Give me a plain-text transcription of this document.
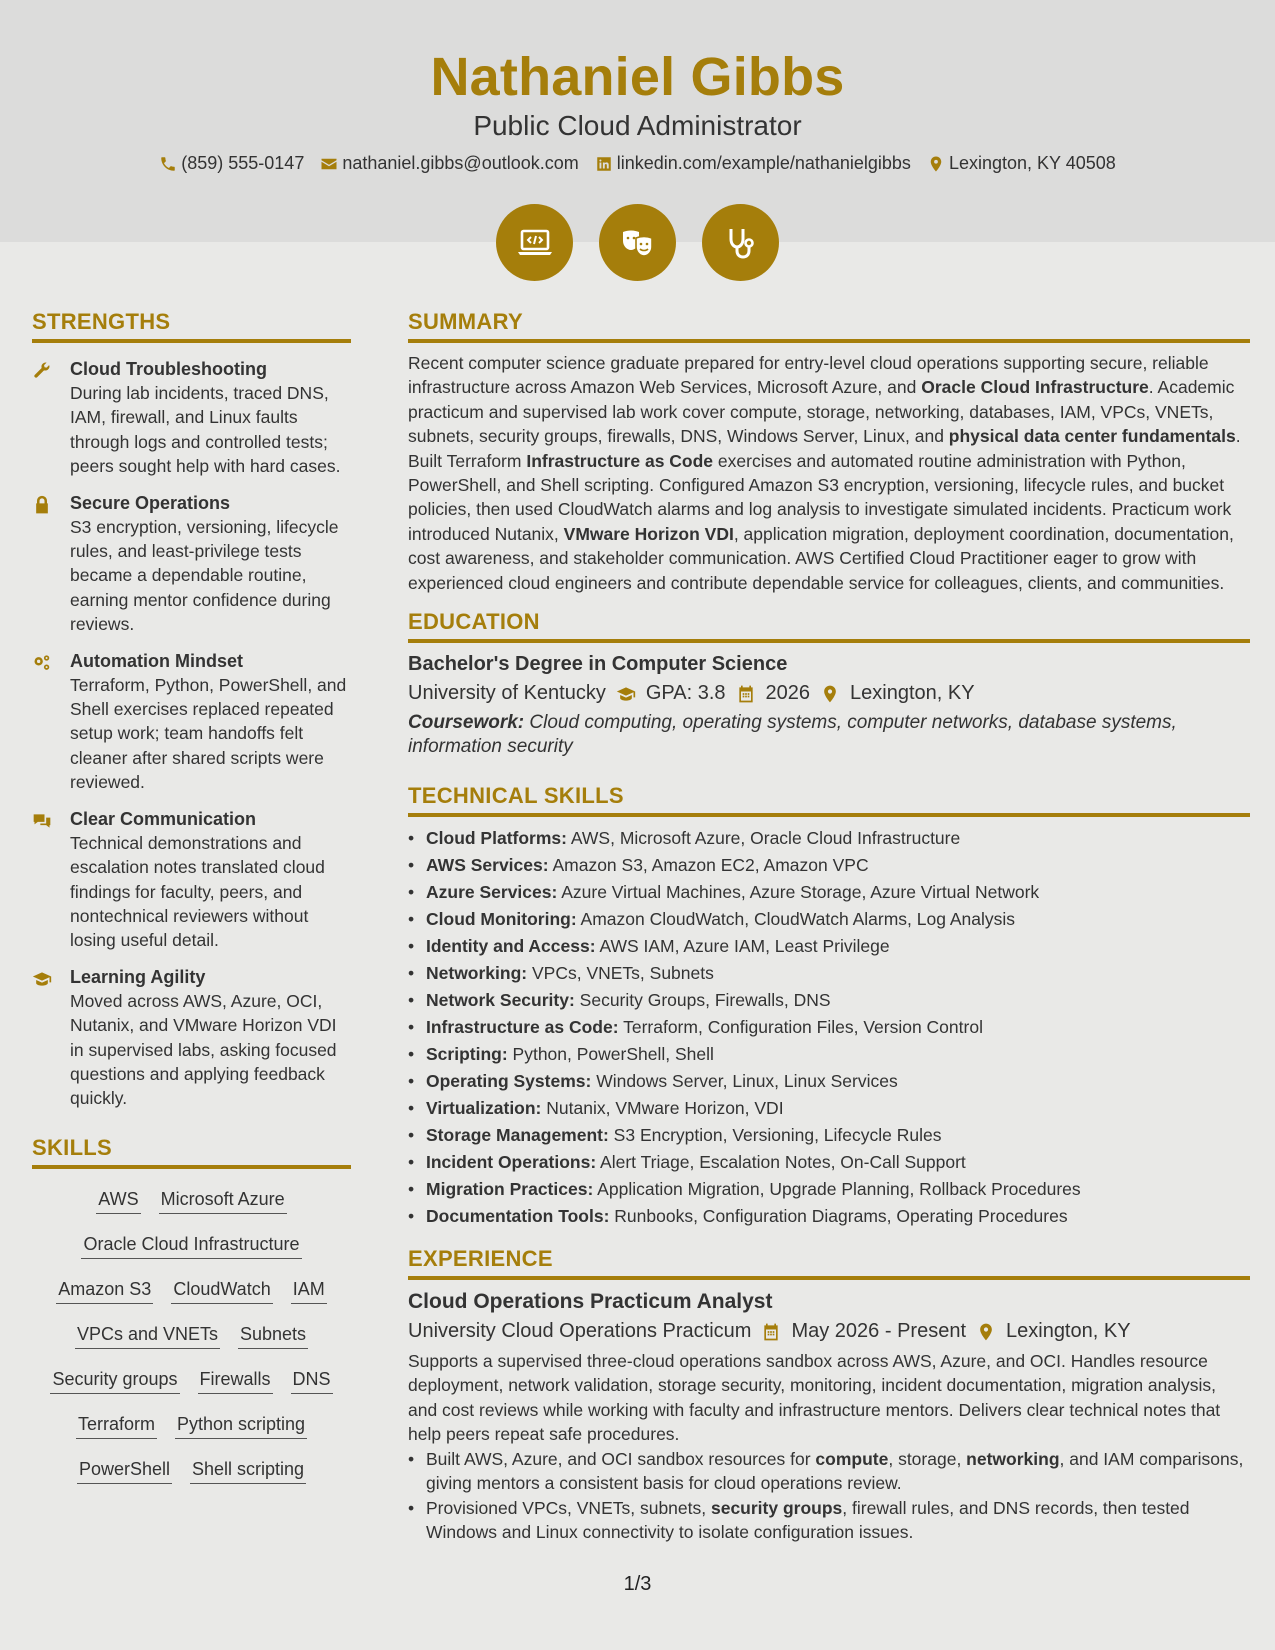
Nathaniel Gibbs
Public Cloud Administrator
(859) 555-0147 nathaniel.gibbs@outlook.com linkedin.com/example/nathanielgibbs Lexington, KY 40508
STRENGTHS
Cloud Troubleshooting
During lab incidents, traced DNS, IAM, firewall, and Linux faults through logs and controlled tests; peers sought help with hard cases.
Secure Operations
S3 encryption, versioning, lifecycle rules, and least-privilege tests became a dependable routine, earning mentor confidence during reviews.
Automation Mindset
Terraform, Python, PowerShell, and Shell exercises replaced repeated setup work; team handoffs felt cleaner after shared scripts were reviewed.
Clear Communication
Technical demonstrations and escalation notes translated cloud findings for faculty, peers, and nontechnical reviewers without losing useful detail.
Learning Agility
Moved across AWS, Azure, OCI, Nutanix, and VMware Horizon VDI in supervised labs, asking focused questions and applying feedback quickly.
SKILLS
AWS Microsoft Azure
Oracle Cloud Infrastructure
Amazon S3 CloudWatch IAM
VPCs and VNETs Subnets
Security groups Firewalls DNS
Terraform Python scripting
PowerShell Shell scripting
SUMMARY

Recent computer science graduate prepared for entry-level cloud operations supporting secure, reliable infrastructure across Amazon Web Services, Microsoft Azure, and Oracle Cloud Infrastructure. Academic practicum and supervised lab work cover compute, storage, networking, databases, IAM, VPCs, VNETs, subnets, security groups, firewalls, DNS, Windows Server, Linux, and physical data center fundamentals. Built Terraform Infrastructure as Code exercises and automated routine administration with Python, PowerShell, and Shell scripting. Configured Amazon S3 encryption, versioning, lifecycle rules, and bucket policies, then used CloudWatch alarms and log analysis to investigate simulated incidents. Practicum work introduced Nutanix, VMware Horizon VDI, application migration, deployment coordination, documentation, cost awareness, and stakeholder communication. AWS Certified Cloud Practitioner eager to grow with experienced cloud engineers and contribute dependable service for colleagues, clients, and communities.

EDUCATION
Bachelor's Degree in Computer Science
University of Kentucky GPA: 3.8 2026 Lexington, KY
Coursework: Cloud computing, operating systems, computer networks, database systems, information security
TECHNICAL SKILLS
• Cloud Platforms: AWS, Microsoft Azure, Oracle Cloud Infrastructure
• AWS Services: Amazon S3, Amazon EC2, Amazon VPC
• Azure Services: Azure Virtual Machines, Azure Storage, Azure Virtual Network
• Cloud Monitoring: Amazon CloudWatch, CloudWatch Alarms, Log Analysis
• Identity and Access: AWS IAM, Azure IAM, Least Privilege
• Networking: VPCs, VNETs, Subnets
• Network Security: Security Groups, Firewalls, DNS
• Infrastructure as Code: Terraform, Configuration Files, Version Control
• Scripting: Python, PowerShell, Shell
• Operating Systems: Windows Server, Linux, Linux Services
• Virtualization: Nutanix, VMware Horizon, VDI
• Storage Management: S3 Encryption, Versioning, Lifecycle Rules
• Incident Operations: Alert Triage, Escalation Notes, On-Call Support
• Migration Practices: Application Migration, Upgrade Planning, Rollback Procedures
• Documentation Tools: Runbooks, Configuration Diagrams, Operating Procedures
EXPERIENCE
Cloud Operations Practicum Analyst
University Cloud Operations Practicum May 2026 - Present Lexington, KY

Supports a supervised three-cloud operations sandbox across AWS, Azure, and OCI. Handles resource deployment, network validation, storage security, monitoring, incident documentation, migration analysis, and cost reviews while working with faculty and infrastructure mentors. Delivers clear technical notes that help peers repeat safe procedures.

• Built AWS, Azure, and OCI sandbox resources for compute, storage, networking, and IAM comparisons, giving mentors a consistent basis for cloud operations review.
• Provisioned VPCs, VNETs, subnets, security groups, firewall rules, and DNS records, then tested Windows and Linux connectivity to isolate configuration issues.
1/3
